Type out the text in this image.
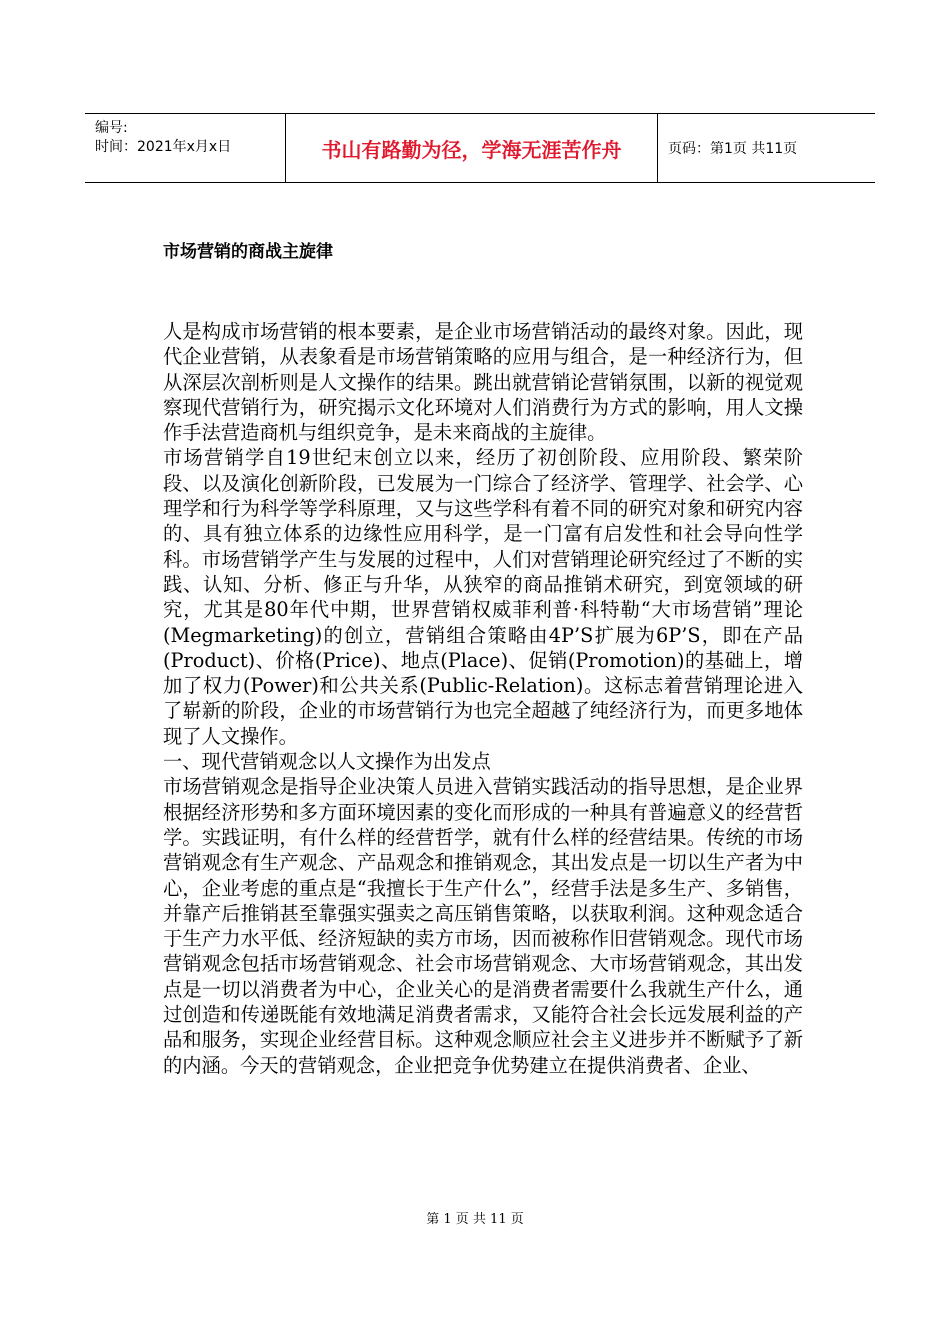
编号:
时间：2021年x月x日	书山有路勤为径，学海无涯苦作舟	页码：第1页 共11页
市场营销的商战主旋律

人是构成市场营销的根本要素，是企业市场营销活动的最终对象。因此，现代企业营销，从表象看是市场营销策略的应用与组合，是一种经济行为，但从深层次剖析则是人文操作的结果。跳出就营销论营销氛围，以新的视觉观察现代营销行为，研究揭示文化环境对人们消费行为方式的影响，用人文操作手法营造商机与组织竞争，是未来商战的主旋律。

市场营销学自19世纪末创立以来，经历了初创阶段、应用阶段、繁荣阶段、以及演化创新阶段，已发展为一门综合了经济学、管理学、社会学、心理学和行为科学等学科原理，又与这些学科有着不同的研究对象和研究内容的、具有独立体系的边缘性应用科学，是一门富有启发性和社会导向性学科。市场营销学产生与发展的过程中，人们对营销理论研究经过了不断的实践、认知、分析、修正与升华，从狭窄的商品推销术研究，到宽领域的研究，尤其是80年代中期，世界营销权威菲利普·科特勒“大市场营销”理论(Megmarketing)的创立，营销组合策略由4P’S扩展为6P’S，即在产品(Product)、价格(Price)、地点(Place)、促销(Promotion)的基础上，增加了权力(Power)和公共关系(Public-Relation)。这标志着营销理论进入了崭新的阶段，企业的市场营销行为也完全超越了纯经济行为，而更多地体现了人文操作。

一、现代营销观念以人文操作为出发点

市场营销观念是指导企业决策人员进入营销实践活动的指导思想，是企业界根据经济形势和多方面环境因素的变化而形成的一种具有普遍意义的经营哲学。实践证明，有什么样的经营哲学，就有什么样的经营结果。传统的市场营销观念有生产观念、产品观念和推销观念，其出发点是一切以生产者为中心，企业考虑的重点是“我擅长于生产什么”，经营手法是多生产、多销售，并靠产后推销甚至靠强实强卖之高压销售策略，以获取利润。这种观念适合于生产力水平低、经济短缺的卖方市场，因而被称作旧营销观念。现代市场营销观念包括市场营销观念、社会市场营销观念、大市场营销观念，其出发点是一切以消费者为中心，企业关心的是消费者需要什么我就生产什么，通过创造和传递既能有效地满足消费者需求，又能符合社会长远发展利益的产品和服务，实现企业经营目标。这种观念顺应社会主义进步并不断赋予了新的内涵。今天的营销观念，企业把竞争优势建立在提供消费者、企业、

第 1 页 共 11 页
